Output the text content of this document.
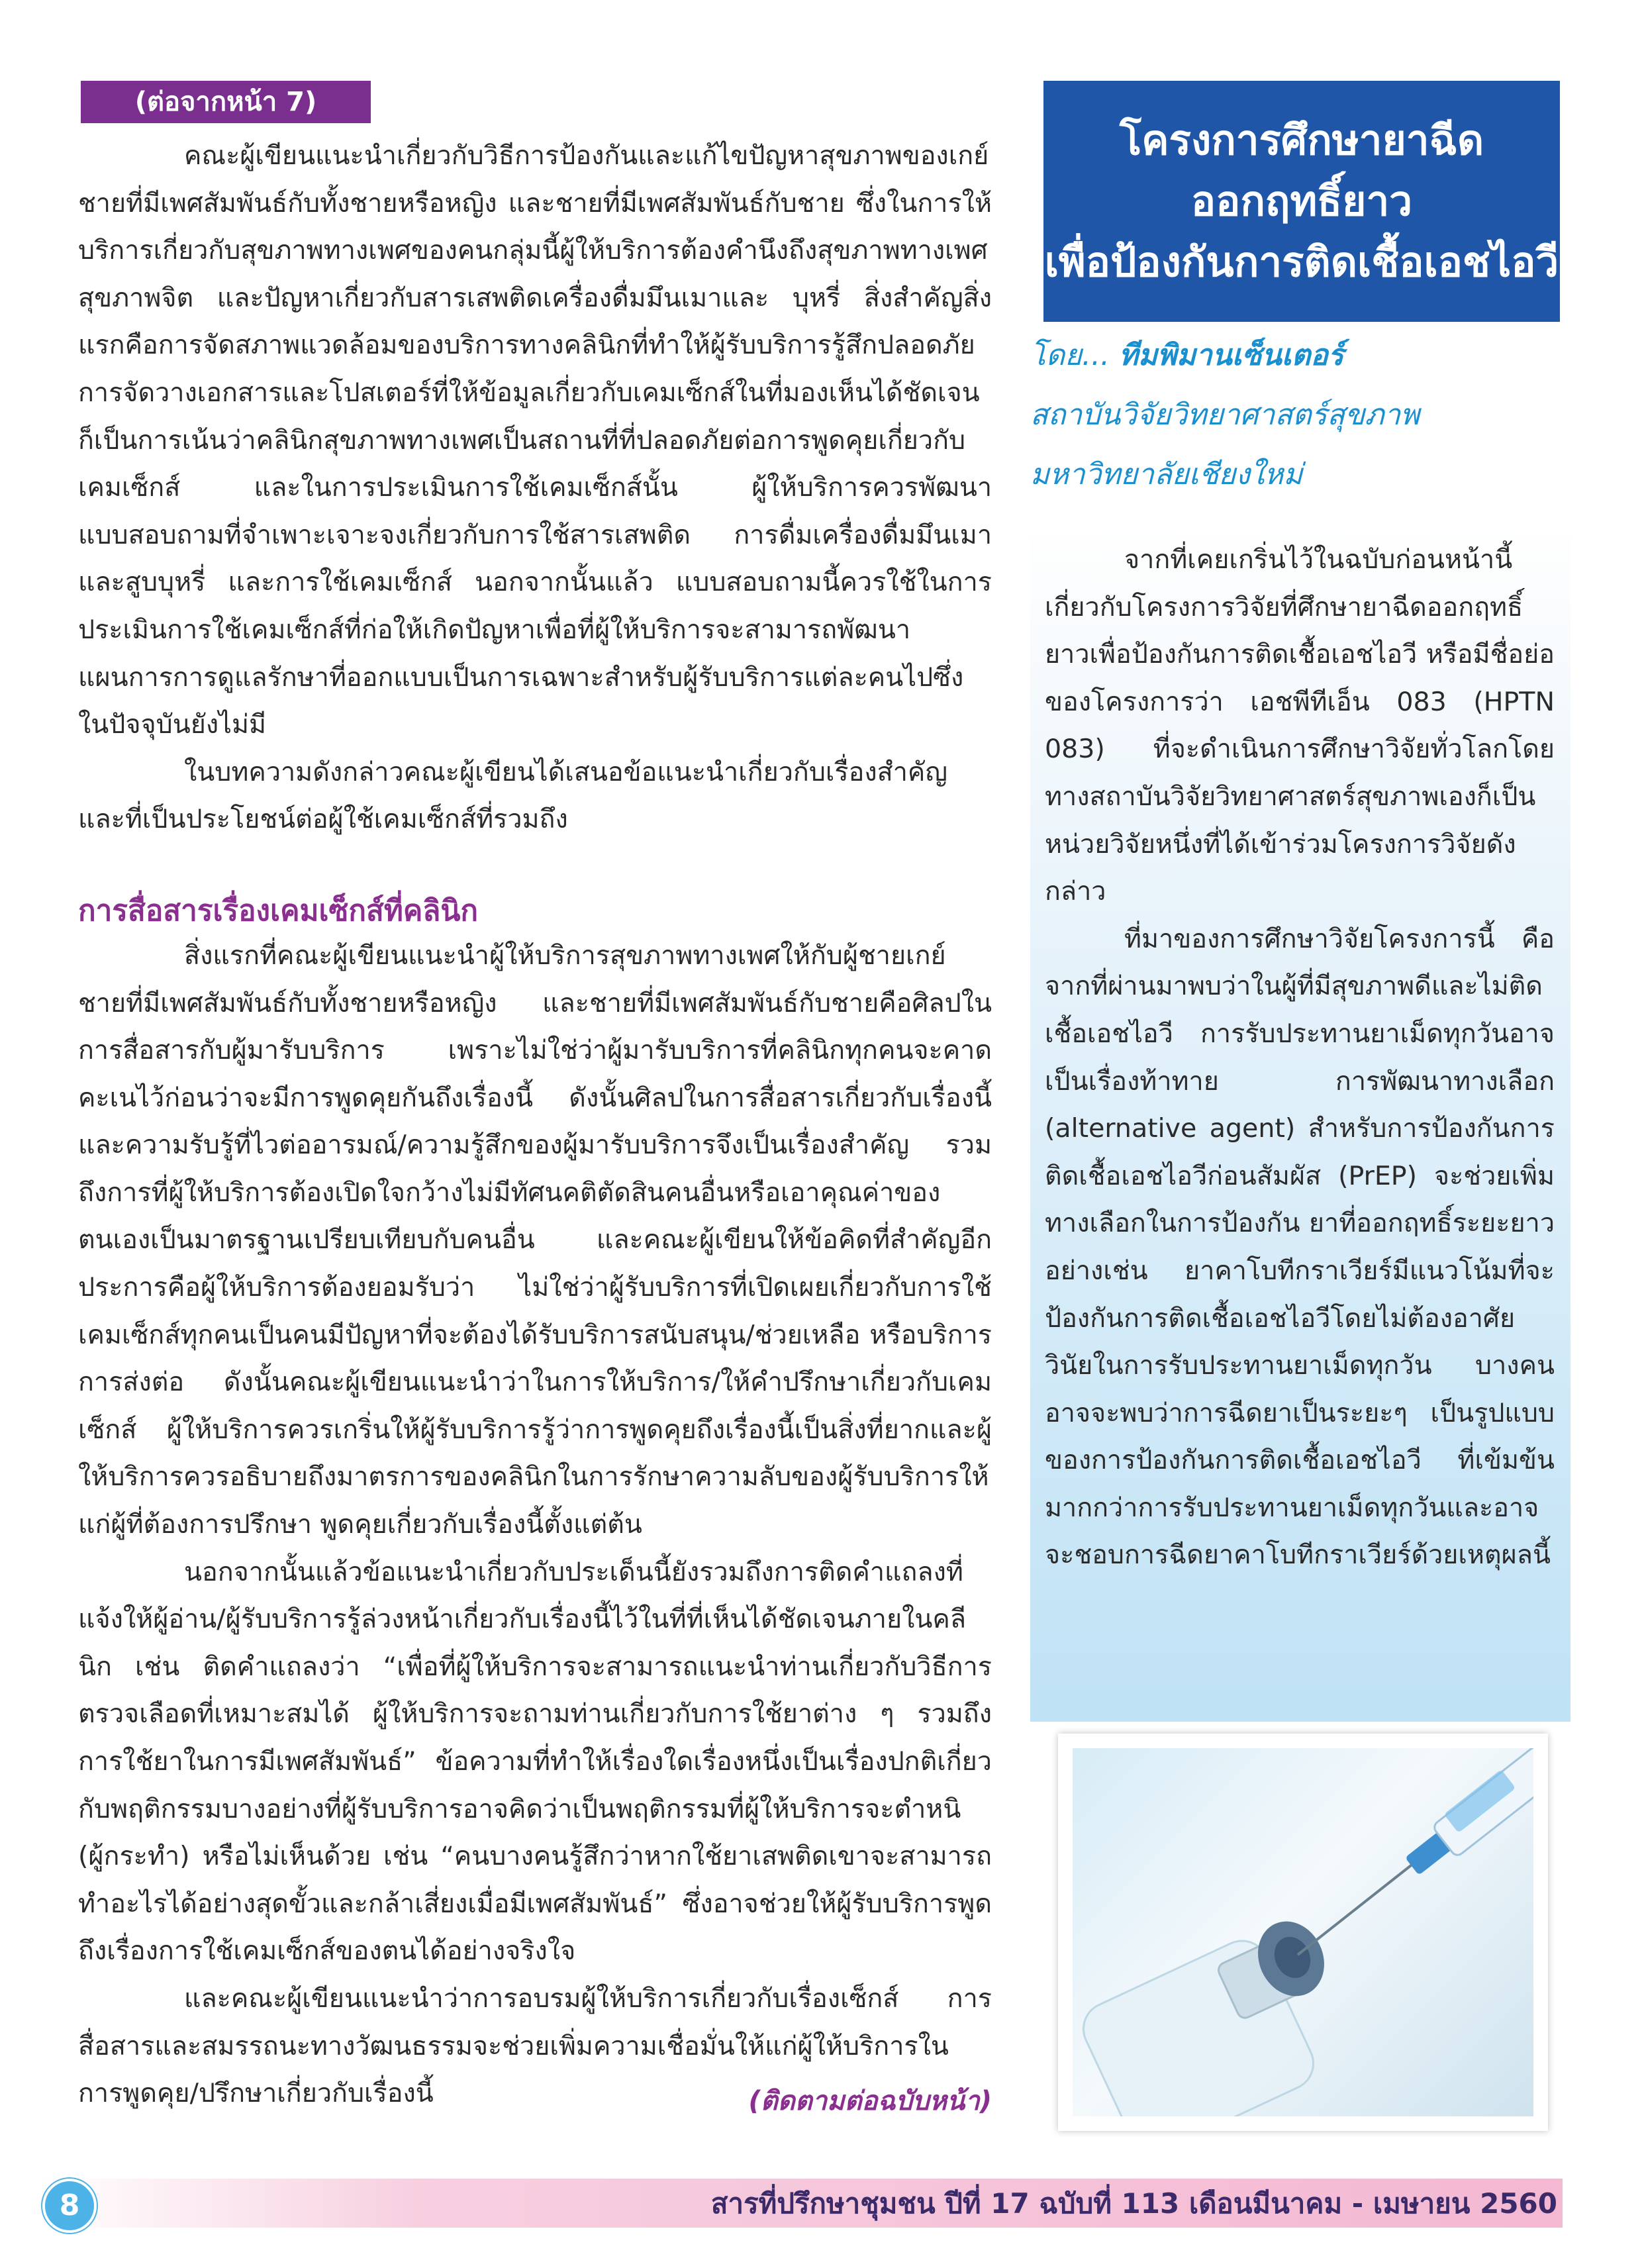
(ต่อจากหน้า 7)

คณะผู้เขียนแนะนำเกี่ยวกับวิธีการป้องกันและแก้ไขปัญหาสุขภาพของเกย์ชายที่มีเพศสัมพันธ์กับทั้งชายหรือหญิง และชายที่มีเพศสัมพันธ์กับชาย ซึ่งในการให้ บริการเกี่ยวกับสุขภาพทางเพศของคนกลุ่มนี้ผู้ให้บริการต้องคำนึงถึงสุขภาพทางเพศสุขภาพจิต และปัญหาเกี่ยวกับสารเสพติดเครื่องดื่มมึนเมาและ บุหรี่ สิ่งสำคัญสิ่งแรกคือการจัดสภาพแวดล้อมของบริการทางคลินิกที่ทำให้ผู้รับบริการรู้สึกปลอดภัย การจัดวางเอกสารและโปสเตอร์ที่ให้ข้อมูลเกี่ยวกับเคมเซ็กส์ในที่มองเห็นได้ชัดเจน ก็เป็นการเน้นว่าคลินิกสุขภาพทางเพศเป็นสถานที่ที่ปลอดภัยต่อการพูดคุยเกี่ยวกับเคมเซ็กส์ และในการประเมินการใช้เคมเซ็กส์นั้น ผู้ให้บริการควรพัฒนาแบบสอบถามที่จำเพาะเจาะจงเกี่ยวกับการใช้สารเสพติด การดื่มเครื่องดื่มมึนเมาและสูบบุหรี่ และการใช้เคมเซ็กส์ นอกจากนั้นแล้ว แบบสอบถามนี้ควรใช้ในการประเมินการใช้เคมเซ็กส์ที่ก่อให้เกิดปัญหาเพื่อที่ผู้ให้บริการจะสามารถพัฒนาแผนการการดูแลรักษาที่ออกแบบเป็นการเฉพาะสำหรับผู้รับบริการแต่ละคนไปซึ่งในปัจจุบันยังไม่มี

ในบทความดังกล่าวคณะผู้เขียนได้เสนอข้อแนะนำเกี่ยวกับเรื่องสำคัญและที่เป็นประโยชน์ต่อผู้ใช้เคมเซ็กส์ที่รวมถึง

การสื่อสารเรื่องเคมเซ็กส์ที่คลินิก

สิ่งแรกที่คณะผู้เขียนแนะนำผู้ให้บริการสุขภาพทางเพศให้กับผู้ชายเกย์ชายที่มีเพศสัมพันธ์กับทั้งชายหรือหญิง และชายที่มีเพศสัมพันธ์กับชายคือศิลปในการสื่อสารกับผู้มารับบริการ เพราะไม่ใช่ว่าผู้มารับบริการที่คลินิกทุกคนจะคาดคะเนไว้ก่อนว่าจะมีการพูดคุยกันถึงเรื่องนี้ ดังนั้นศิลปในการสื่อสารเกี่ยวกับเรื่องนี้และความรับรู้ที่ไวต่ออารมณ์/ความรู้สึกของผู้มารับบริการจึงเป็นเรื่องสำคัญ รวมถึงการที่ผู้ให้บริการต้องเปิดใจกว้างไม่มีทัศนคติตัดสินคนอื่นหรือเอาคุณค่าของตนเองเป็นมาตรฐานเปรียบเทียบกับคนอื่น และคณะผู้เขียนให้ข้อคิดที่สำคัญอีกประการคือผู้ให้บริการต้องยอมรับว่า ไม่ใช่ว่าผู้รับบริการที่เปิดเผยเกี่ยวกับการใช้เคมเซ็กส์ทุกคนเป็นคนมีปัญหาที่จะต้องได้รับบริการสนับสนุน/ช่วยเหลือ หรือบริการการส่งต่อ ดังนั้นคณะผู้เขียนแนะนำว่าในการให้บริการ/ให้คำปรึกษาเกี่ยวกับเคมเซ็กส์ ผู้ให้บริการควรเกริ่นให้ผู้รับบริการรู้ว่าการพูดคุยถึงเรื่องนี้เป็นสิ่งที่ยากและผู้ให้บริการควรอธิบายถึงมาตรการของคลินิกในการรักษาความลับของผู้รับบริการให้แก่ผู้ที่ต้องการปรึกษา พูดคุยเกี่ยวกับเรื่องนี้ตั้งแต่ต้น

นอกจากนั้นแล้วข้อแนะนำเกี่ยวกับประเด็นนี้ยังรวมถึงการติดคำแถลงที่แจ้งให้ผู้อ่าน/ผู้รับบริการรู้ล่วงหน้าเกี่ยวกับเรื่องนี้ไว้ในที่ที่เห็นได้ชัดเจนภายในคลีนิก เช่น ติดคำแถลงว่า “เพื่อที่ผู้ให้บริการจะสามารถแนะนำท่านเกี่ยวกับวิธีการตรวจเลือดที่เหมาะสมได้ ผู้ให้บริการจะถามท่านเกี่ยวกับการใช้ยาต่าง ๆ รวมถึงการใช้ยาในการมีเพศสัมพันธ์” ข้อความที่ทำให้เรื่องใดเรื่องหนึ่งเป็นเรื่องปกติเกี่ยวกับพฤติกรรมบางอย่างที่ผู้รับบริการอาจคิดว่าเป็นพฤติกรรมที่ผู้ให้บริการจะตำหนิ (ผู้กระทำ) หรือไม่เห็นด้วย เช่น “คนบางคนรู้สึกว่าหากใช้ยาเสพติดเขาจะสามารถทำอะไรได้อย่างสุดขั้วและกล้าเสี่ยงเมื่อมีเพศสัมพันธ์” ซึ่งอาจช่วยให้ผู้รับบริการพูดถึงเรื่องการใช้เคมเซ็กส์ของตนได้อย่างจริงใจ

และคณะผู้เขียนแนะนำว่าการอบรมผู้ให้บริการเกี่ยวกับเรื่องเซ็กส์ การสื่อสารและสมรรถนะทางวัฒนธรรมจะช่วยเพิ่มความเชื่อมั่นให้แก่ผู้ให้บริการในการพูดคุย/ปรึกษาเกี่ยวกับเรื่องนี้	(ติดตามต่อฉบับหน้า)
โครงการศึกษายาฉีด
ออกฤทธิ์ยาว
เพื่อป้องกันการติดเชื้อเอชไอวี
โดย... ทีมพิมานเซ็นเตอร์
สถาบันวิจัยวิทยาศาสตร์สุขภาพ
มหาวิทยาลัยเชียงใหม่

จากที่เคยเกริ่นไว้ในฉบับก่อนหน้านี้ เกี่ยวกับโครงการวิจัยที่ศึกษายาฉีดออกฤทธิ์ยาวเพื่อป้องกันการติดเชื้อเอชไอวี หรือมีชื่อย่อของโครงการว่า เอชพีทีเอ็น 083 (HPTN 083) ที่จะดำเนินการศึกษาวิจัยทั่วโลกโดยทางสถาบันวิจัยวิทยาศาสตร์สุขภาพเองก็เป็นหน่วยวิจัยหนึ่งที่ได้เข้าร่วมโครงการวิจัยดังกล่าว

ที่มาของการศึกษาวิจัยโครงการนี้ คือ จากที่ผ่านมาพบว่าในผู้ที่มีสุขภาพดีและไม่ติดเชื้อเอชไอวี การรับประทานยาเม็ดทุกวันอาจเป็นเรื่องท้าทาย การพัฒนาทางเลือก (alternative agent) สำหรับการป้องกันการติดเชื้อเอชไอวีก่อนสัมผัส (PrEP) จะช่วยเพิ่มทางเลือกในการป้องกัน ยาที่ออกฤทธิ์ระยะยาว อย่างเช่น ยาคาโบทีกราเวียร์มีแนวโน้มที่จะป้องกันการติดเชื้อเอชไอวีโดยไม่ต้องอาศัยวินัยในการรับประทานยาเม็ดทุกวัน บางคนอาจจะพบว่าการฉีดยาเป็นระยะๆ เป็นรูปแบบของการป้องกันการติดเชื้อเอชไอวี ที่เข้มข้นมากกว่าการรับประทานยาเม็ดทุกวันและอาจจะชอบการฉีดยาคาโบทีกราเวียร์ด้วยเหตุผลนี้

8	สารที่ปรึกษาชุมชน ปีที่ 17 ฉบับที่ 113 เดือนมีนาคม - เมษายน 2560
